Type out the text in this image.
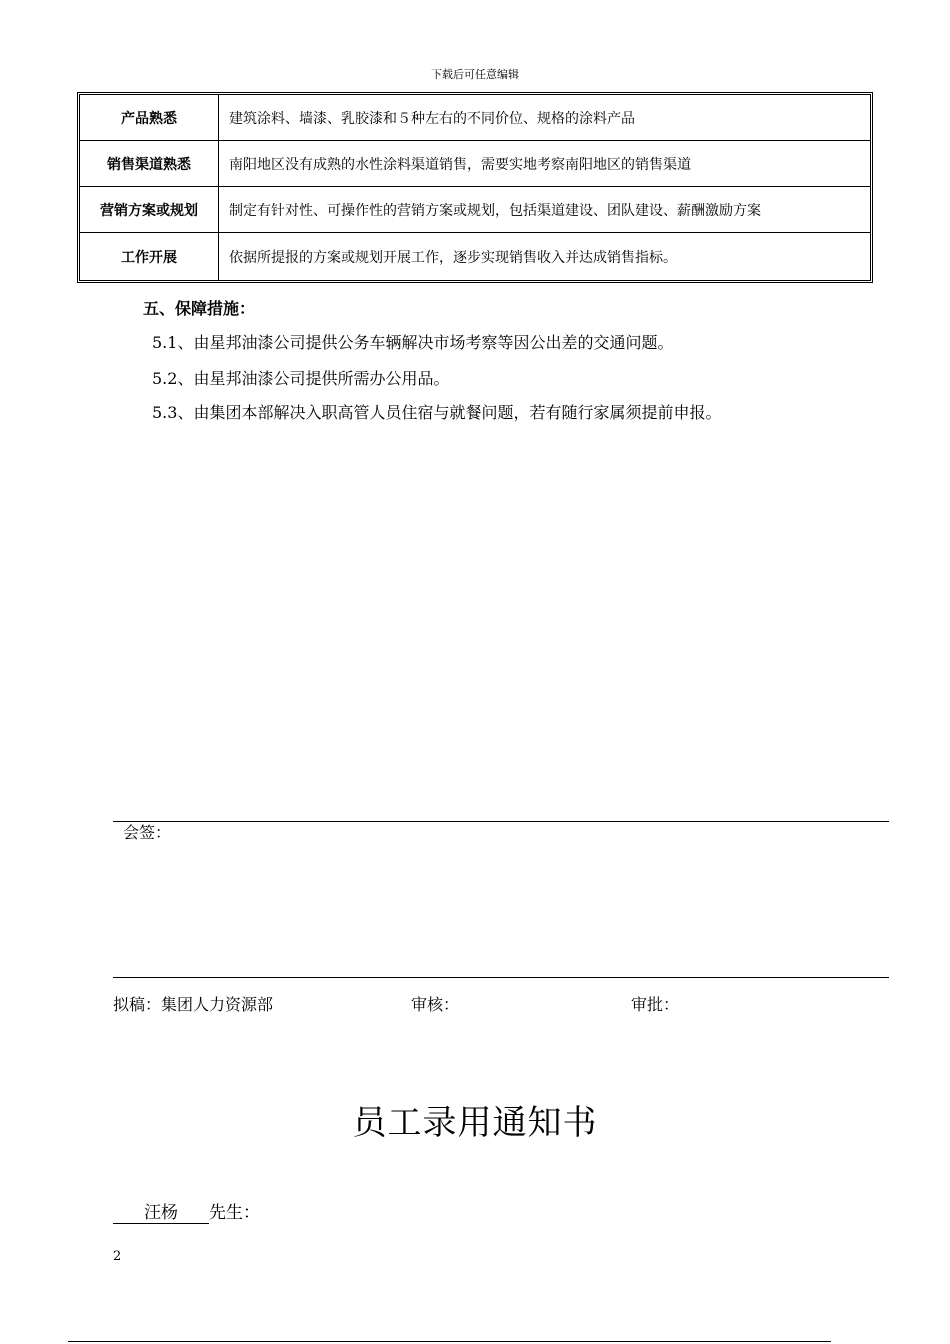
下载后可任意编辑
产品熟悉	建筑涂料、墙漆、乳胶漆和５种左右的不同价位、规格的涂料产品
销售渠道熟悉	南阳地区没有成熟的水性涂料渠道销售，需要实地考察南阳地区的销售渠道
营销方案或规划	制定有针对性、可操作性的营销方案或规划，包括渠道建设、团队建设、薪酬激励方案
工作开展	依据所提报的方案或规划开展工作，逐步实现销售收入并达成销售指标。
五、保障措施：
5.1、由星邦油漆公司提供公务车辆解决市场考察等因公出差的交通问题。
5.2、由星邦油漆公司提供所需办公用品。
5.3、由集团本部解决入职高管人员住宿与就餐问题，若有随行家属须提前申报。
会签：
拟稿：集团人力资源部	审核：	审批：
员工录用通知书
汪杨 先生：
2
